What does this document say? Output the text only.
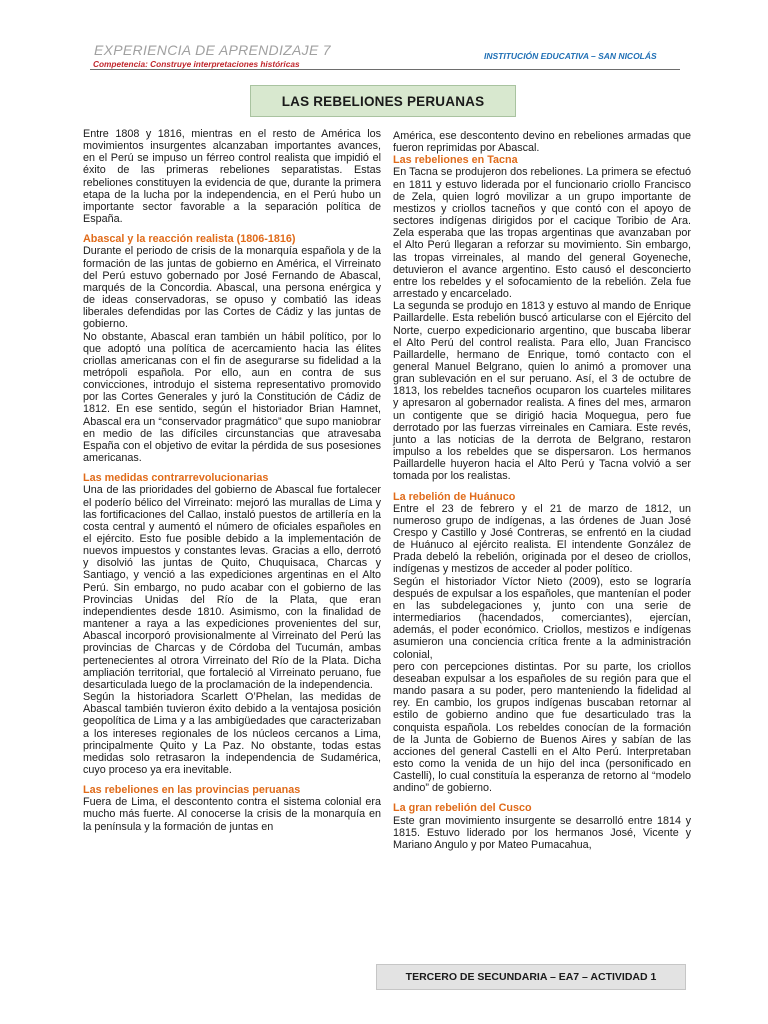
EXPERIENCIA DE APRENDIZAJE 7
Competencia: Construye interpretaciones históricas
INSTITUCIÓN EDUCATIVA – SAN NICOLÁS
LAS REBELIONES PERUANAS

Entre 1808 y 1816, mientras en el resto de América los movimientos insurgentes alcanzaban importantes avances, en el Perú se impuso un férreo control realista que impidió el éxito de las primeras rebeliones separatistas. Estas rebeliones constituyen la evidencia de que, durante la primera etapa de la lucha por la independencia, en el Perú hubo un importante sector favorable a la separación política de España.

Abascal y la reacción realista (1806-1816)

Durante el periodo de crisis de la monarquía española y de la formación de las juntas de gobierno en América, el Virreinato del Perú estuvo gobernado por José Fernando de Abascal, marqués de la Concordia. Abascal, una persona enérgica y de ideas conservadoras, se opuso y combatió las ideas liberales defendidas por las Cortes de Cádiz y las juntas de gobierno.

No obstante, Abascal eran también un hábil político, por lo que adoptó una política de acercamiento hacia las élites criollas americanas con el fin de asegurarse su fidelidad a la metrópoli española. Por ello, aun en contra de sus convicciones, introdujo el sistema representativo promovido por las Cortes Generales y juró la Constitución de Cádiz de 1812. En ese sentido, según el historiador Brian Hamnet, Abascal era un “conservador pragmático” que supo maniobrar en medio de las difíciles circunstancias que atravesaba España con el objetivo de evitar la pérdida de sus posesiones americanas.

Las medidas contrarrevolucionarias

Una de las prioridades del gobierno de Abascal fue fortalecer el poderío bélico del Virreinato: mejoró las murallas de Lima y las fortificaciones del Callao, instaló puestos de artillería en la costa central y aumentó el número de oficiales españoles en el ejército. Esto fue posible debido a la implementación de nuevos impuestos y constantes levas. Gracias a ello, derrotó y disolvió las juntas de Quito, Chuquisaca, Charcas y Santiago, y venció a las expediciones argentinas en el Alto Perú. Sin embargo, no pudo acabar con el gobierno de las Provincias Unidas del Río de la Plata, que eran independientes desde 1810. Asimismo, con la finalidad de mantener a raya a las expediciones provenientes del sur, Abascal incorporó provisionalmente al Virreinato del Perú las provincias de Charcas y de Córdoba del Tucumán, ambas pertenecientes al otrora Virreinato del Río de la Plata. Dicha ampliación territorial, que fortaleció al Virreinato peruano, fue desarticulada luego de la proclamación de la independencia.

Según la historiadora Scarlett O’Phelan, las medidas de Abascal también tuvieron éxito debido a la ventajosa posición geopolítica de Lima y a las ambigüedades que caracterizaban a los intereses regionales de los núcleos cercanos a Lima, principalmente Quito y La Paz. No obstante, todas estas medidas solo retrasaron la independencia de Sudamérica, cuyo proceso ya era inevitable.

Las rebeliones en las provincias peruanas

Fuera de Lima, el descontento contra el sistema colonial era mucho más fuerte. Al conocerse la crisis de la monarquía en la península y la formación de juntas en

América, ese descontento devino en rebeliones armadas que fueron reprimidas por Abascal.

Las rebeliones en Tacna

En Tacna se produjeron dos rebeliones. La primera se efectuó en 1811 y estuvo liderada por el funcionario criollo Francisco de Zela, quien logró movilizar a un grupo importante de mestizos y criollos tacneños y que contó con el apoyo de sectores indígenas dirigidos por el cacique Toribio de Ara. Zela esperaba que las tropas argentinas que avanzaban por el Alto Perú llegaran a reforzar su movimiento. Sin embargo, las tropas virreinales, al mando del general Goyeneche, detuvieron el avance argentino. Esto causó el desconcierto entre los rebeldes y el sofocamiento de la rebelión. Zela fue arrestado y encarcelado.

La segunda se produjo en 1813 y estuvo al mando de Enrique Paillardelle. Esta rebelión buscó articularse con el Ejército del Norte, cuerpo expedicionario argentino, que buscaba liberar el Alto Perú del control realista. Para ello, Juan Francisco Paillardelle, hermano de Enrique, tomó contacto con el general Manuel Belgrano, quien lo animó a promover una gran sublevación en el sur peruano. Así, el 3 de octubre de 1813, los rebeldes tacneños ocuparon los cuarteles militares y apresaron al gobernador realista. A fines del mes, armaron un contigente que se dirigió hacia Moquegua, pero fue derrotado por las fuerzas virreinales en Camiara. Este revés, junto a las noticias de la derrota de Belgrano, restaron impulso a los rebeldes que se dispersaron. Los hermanos Paillardelle huyeron hacia el Alto Perú y Tacna volvió a ser tomada por los realistas.

La rebelión de Huánuco

Entre el 23 de febrero y el 21 de marzo de 1812, un numeroso grupo de indígenas, a las órdenes de Juan José Crespo y Castillo y José Contreras, se enfrentó en la ciudad de Huánuco al ejército realista. El intendente González de Prada debeló la rebelión, originada por el deseo de criollos, indígenas y mestizos de acceder al poder político.

Según el historiador Víctor Nieto (2009), esto se lograría después de expulsar a los españoles, que mantenían el poder en las subdelegaciones y, junto con una serie de intermediarios (hacendados, comerciantes), ejercían, además, el poder económico. Criollos, mestizos e indígenas asumieron una conciencia crítica frente a la administración colonial,

pero con percepciones distintas. Por su parte, los criollos deseaban expulsar a los españoles de su región para que el mando pasara a su poder, pero manteniendo la fidelidad al rey. En cambio, los grupos indígenas buscaban retornar al estilo de gobierno andino que fue desarticulado tras la conquista española. Los rebeldes conocían de la formación de la Junta de Gobierno de Buenos Aires y sabían de las acciones del general Castelli en el Alto Perú. Interpretaban esto como la venida de un hijo del inca (personificado en Castelli), lo cual constituía la esperanza de retorno al “modelo andino” de gobierno.

La gran rebelión del Cusco

Este gran movimiento insurgente se desarrolló entre 1814 y 1815. Estuvo liderado por los hermanos José, Vicente y Mariano Angulo y por Mateo Pumacahua,

TERCERO DE SECUNDARIA – EA7 – ACTIVIDAD 1
